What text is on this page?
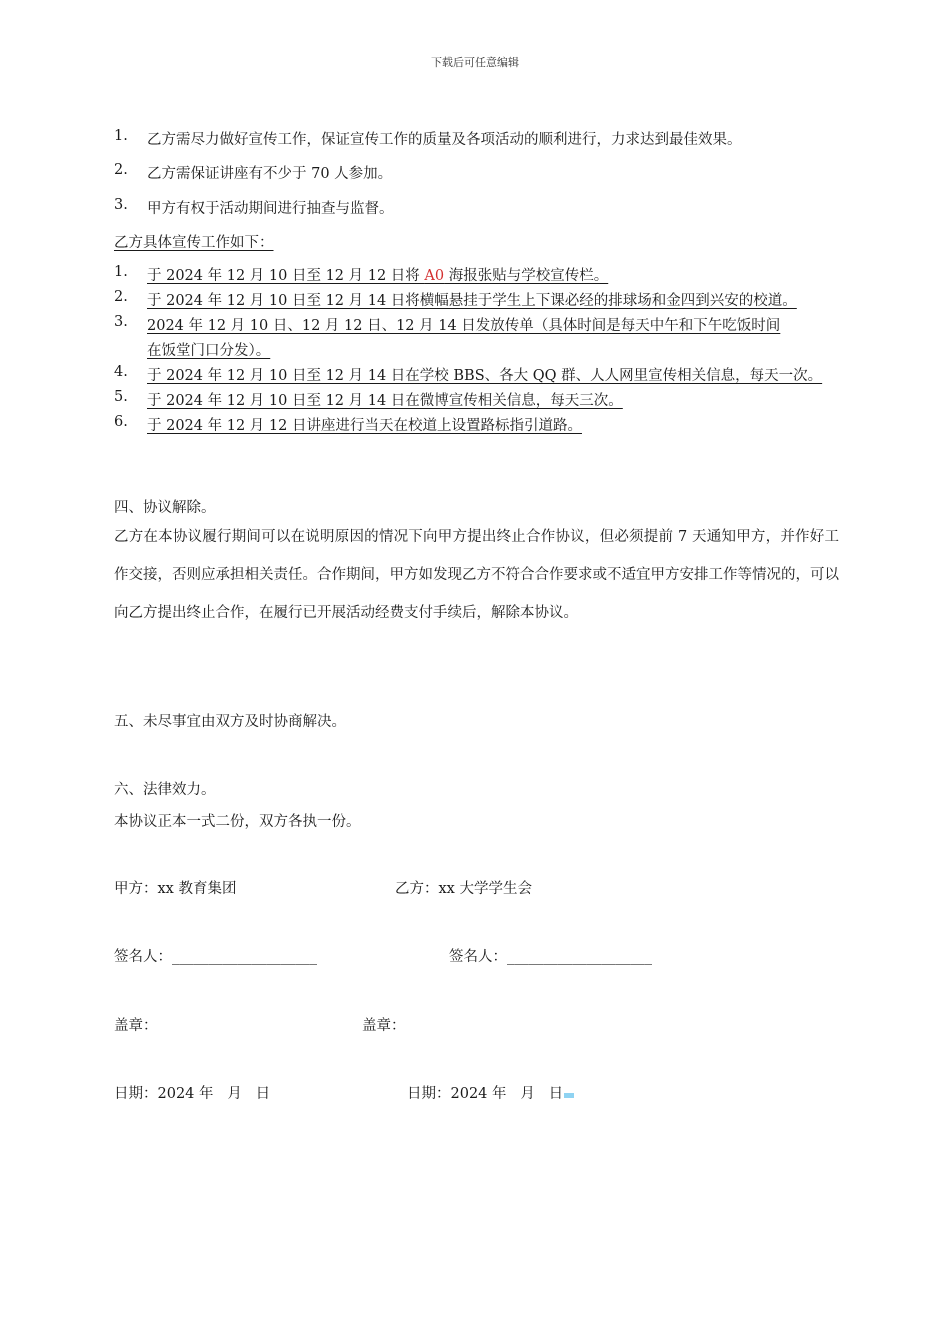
下载后可任意编辑
1. 乙方需尽力做好宣传工作，保证宣传工作的质量及各项活动的顺利进行，力求达到最佳效果。
2. 乙方需保证讲座有不少于 70 人参加。
3. 甲方有权于活动期间进行抽查与监督。
乙方具体宣传工作如下：
1. 于 2024 年 12 月 10 日至 12 月 12 日将 A0 海报张贴与学校宣传栏。
2. 于 2024 年 12 月 10 日至 12 月 14 日将横幅悬挂于学生上下课必经的排球场和金四到兴安的校道。
3. 2024 年 12 月 10 日、12 月 12 日、12 月 14 日发放传单（具体时间是每天中午和下午吃饭时间
在饭堂门口分发）。
4. 于 2024 年 12 月 10 日至 12 月 14 日在学校 BBS、各大 QQ 群、人人网里宣传相关信息，每天一次。
5. 于 2024 年 12 月 10 日至 12 月 14 日在微博宣传相关信息，每天三次。
6. 于 2024 年 12 月 12 日讲座进行当天在校道上设置路标指引道路。
四、协议解除。
乙方在本协议履行期间可以在说明原因的情况下向甲方提出终止合作协议，但必须提前 7 天通知甲方，并作好工作交接，否则应承担相关责任。合作期间，甲方如发现乙方不符合合作要求或不适宜甲方安排工作等情况的，可以向乙方提出终止合作，在履行已开展活动经费支付手续后，解除本协议。
五、未尽事宜由双方及时协商解决。
六、法律效力。
本协议正本一式二份，双方各执一份。
甲方：xx 教育集团	乙方：xx 大学学生会
签名人：____________________	签名人：____________________
盖章：	盖章：
日期：2024 年   月   日	日期：2024 年   月   日
